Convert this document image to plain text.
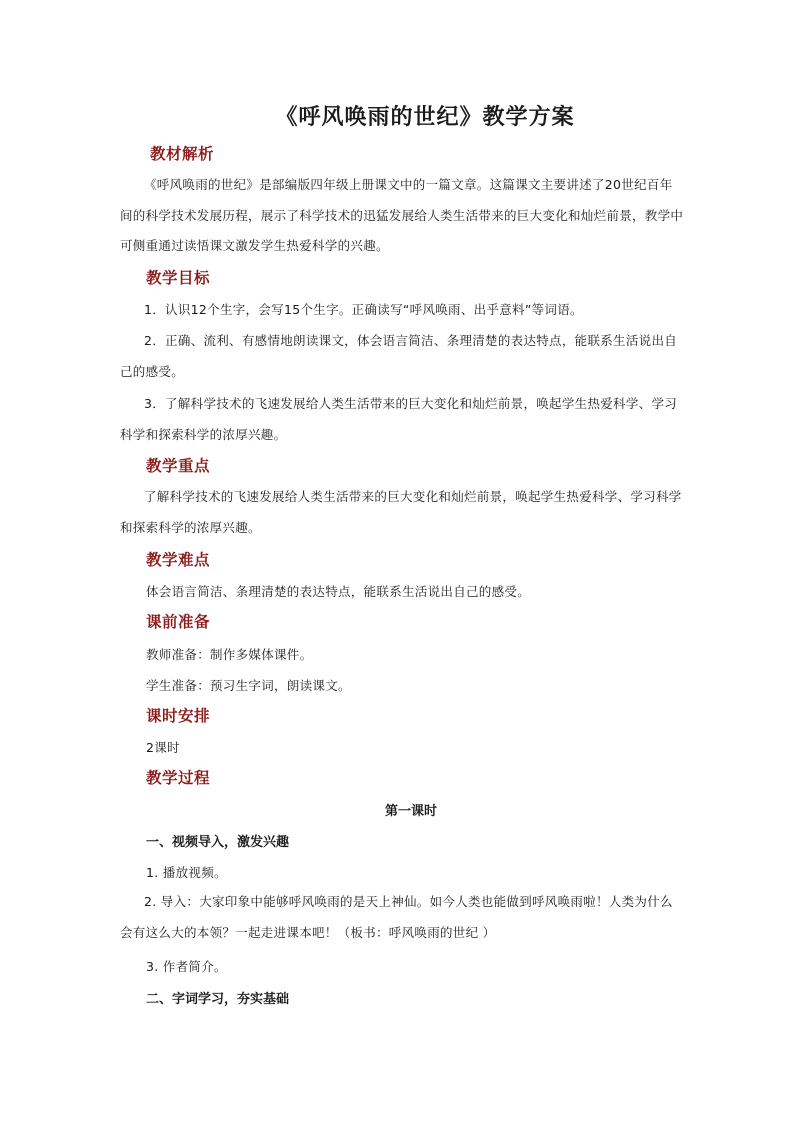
《呼风唤雨的世纪》教学方案
教材解析

《呼风唤雨的世纪》是部编版四年级上册课文中的一篇文章。这篇课文主要讲述了20世纪百年间的科学技术发展历程，展示了科学技术的迅猛发展给人类生活带来的巨大变化和灿烂前景，教学中可侧重通过读悟课文激发学生热爱科学的兴趣。

教学目标

1．认识12个生字，会写15个生字。正确读写“呼风唤雨、出乎意料”等词语。

2．正确、流利、有感情地朗读课文，体会语言简洁、条理清楚的表达特点，能联系生活说出自己的感受。

3．了解科学技术的飞速发展给人类生活带来的巨大变化和灿烂前景，唤起学生热爱科学、学习科学和探索科学的浓厚兴趣。

教学重点

了解科学技术的飞速发展给人类生活带来的巨大变化和灿烂前景，唤起学生热爱科学、学习科学和探索科学的浓厚兴趣。

教学难点
体会语言简洁、条理清楚的表达特点，能联系生活说出自己的感受。
课前准备
教师准备：制作多媒体课件。
学生准备：预习生字词，朗读课文。
课时安排
2课时
教学过程
第一课时
一、视频导入，激发兴趣
1. 播放视频。

2. 导入：大家印象中能够呼风唤雨的是天上神仙。如今人类也能做到呼风唤雨啦！人类为什么会有这么大的本领？一起走进课本吧！（板书：呼风唤雨的世纪 ）

3. 作者简介。
二、字词学习，夯实基础
